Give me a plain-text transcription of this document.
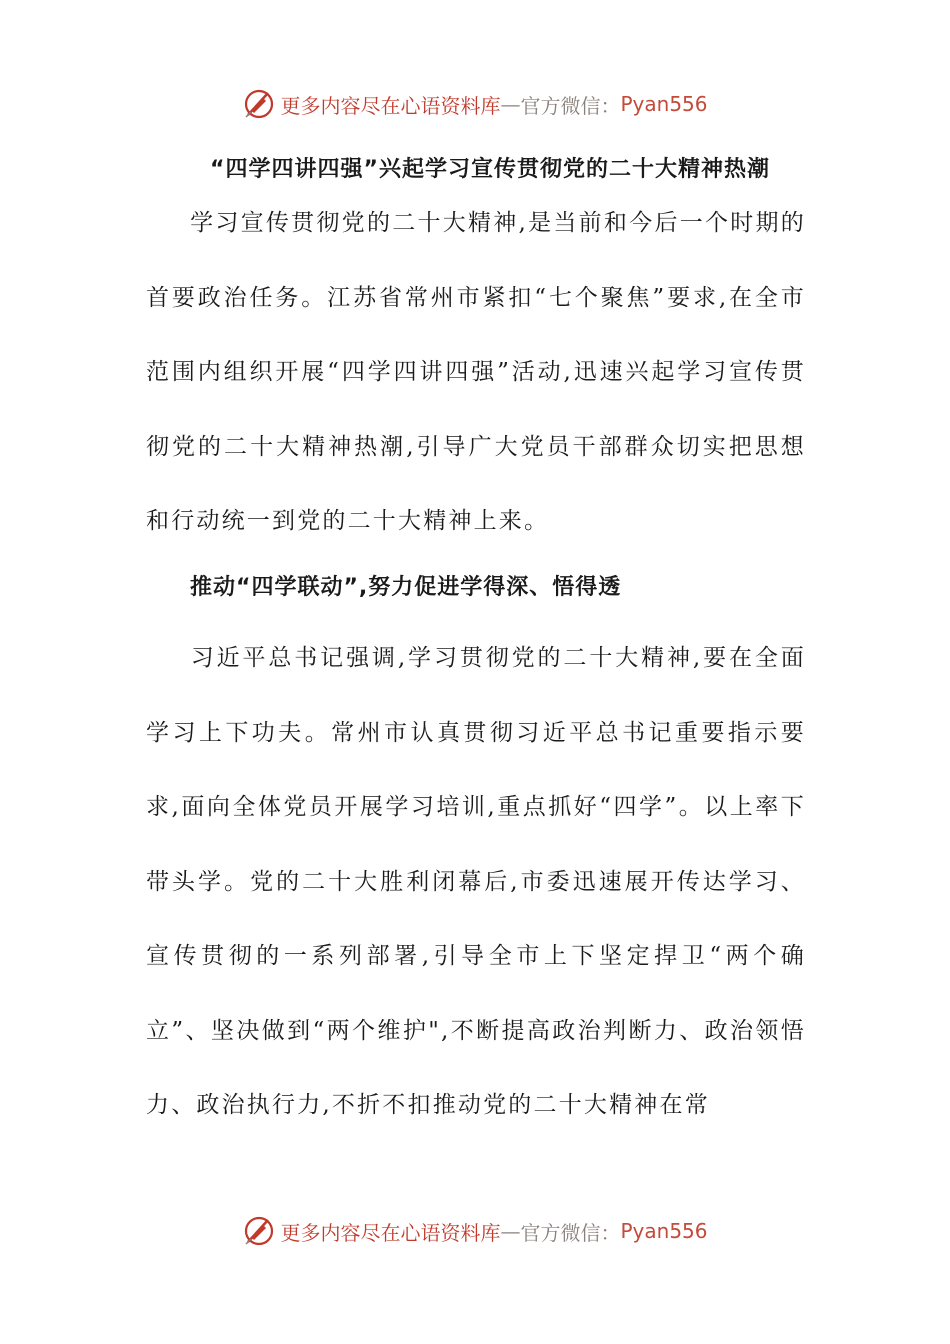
更多内容尽在心语资料库 — 官方微信： Pyan556
“四学四讲四强”兴起学习宣传贯彻党的二十大精神热潮

学习宣传贯彻党的二十大精神,是当前和今后一个时期的首要政治任务。江苏省常州市紧扣“七个聚焦”要求,在全市范围内组织开展“四学四讲四强”活动,迅速兴起学习宣传贯彻党的二十大精神热潮,引导广大党员干部群众切实把思想和行动统一到党的二十大精神上来。

推动“四学联动”,努力促进学得深、悟得透

习近平总书记强调,学习贯彻党的二十大精神,要在全面学习上下功夫。常州市认真贯彻习近平总书记重要指示要求,面向全体党员开展学习培训,重点抓好“四学”。以上率下带头学。党的二十大胜利闭幕后,市委迅速展开传达学习、宣传贯彻的一系列部署,引导全市上下坚定捍卫“两个确立”、坚决做到“两个维护",不断提高政治判断力、政治领悟力、政治执行力,不折不扣推动党的二十大精神在常

更多内容尽在心语资料库 — 官方微信： Pyan556
